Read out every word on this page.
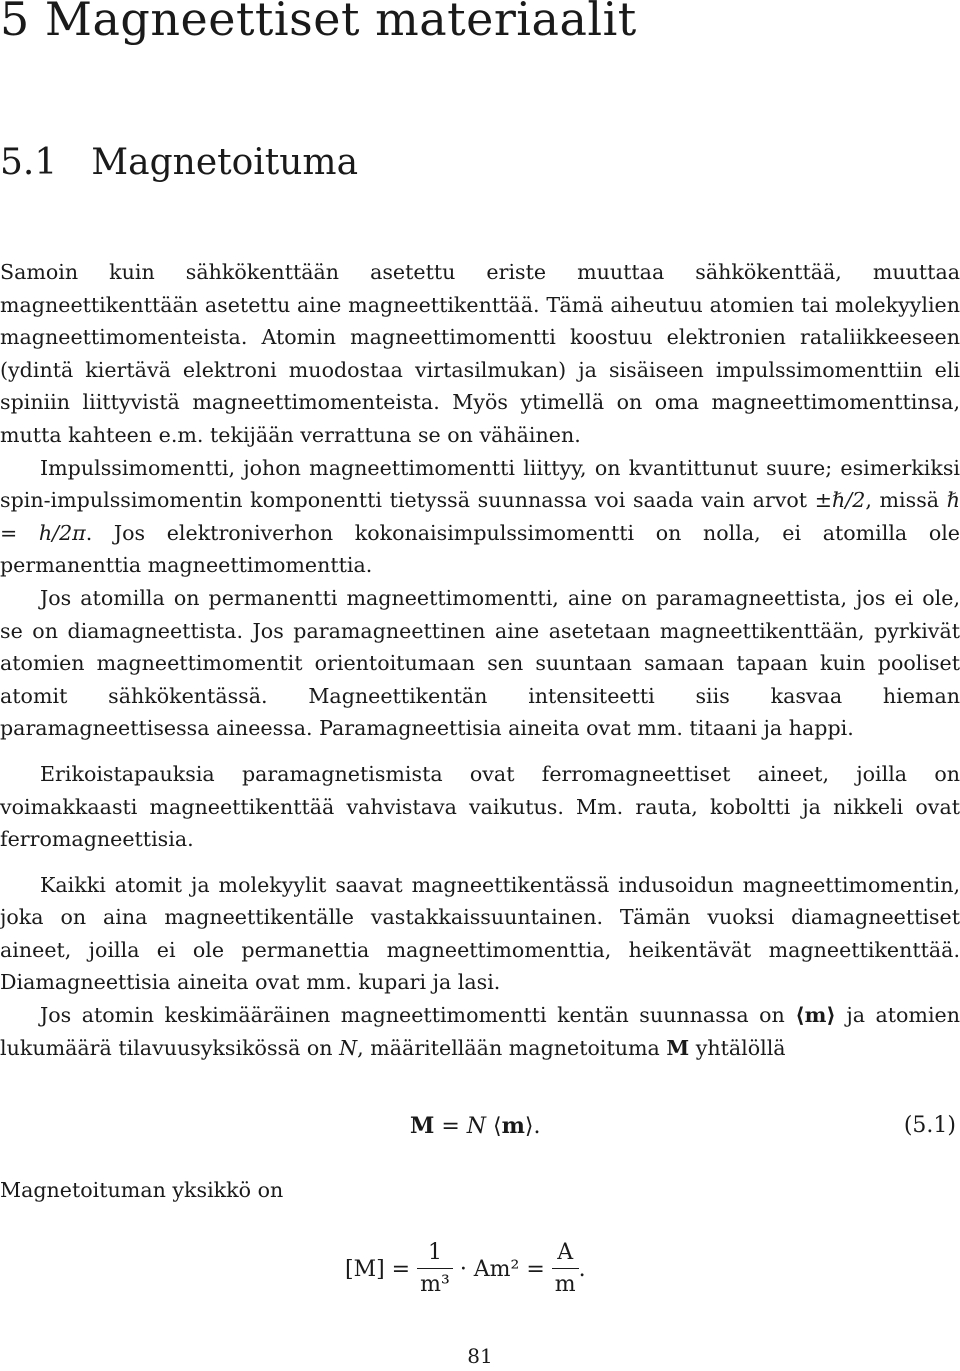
5 Magneettiset materiaalit
5.1 Magnetoituma

Samoin kuin sähkökenttään asetettu eriste muuttaa sähkökenttää, muuttaa magneettikenttään asetettu aine magneettikenttää. Tämä aiheutuu atomien tai molekyylien magneettimomenteista. Atomin magneettimomentti koostuu elektronien rataliikkeeseen (ydintä kiertävä elektroni muodostaa virtasilmukan) ja sisäiseen impulssimomenttiin eli spiniin liittyvistä magneettimomenteista. Myös ytimellä on oma magneettimomenttinsa, mutta kahteen e.m. tekijään verrattuna se on vähäinen.

Impulssimomentti, johon magneettimomentti liittyy, on kvantittunut suure; esimerkiksi spin-impulssimomentin komponentti tietyssä suunnassa voi saada vain arvot ±ℏ/2, missä ℏ = h/2π. Jos elektroniverhon kokonaisimpulssimomentti on nolla, ei atomilla ole permanenttia magneettimomenttia.

Jos atomilla on permanentti magneettimomentti, aine on paramagneettista, jos ei ole, se on diamagneettista. Jos paramagneettinen aine asetetaan magneettikenttään, pyrkivät atomien magneettimomentit orientoitumaan sen suuntaan samaan tapaan kuin pooliset atomit sähkökentässä. Magneettikentän intensiteetti siis kasvaa hieman paramagneettisessa aineessa. Paramagneettisia aineita ovat mm. titaani ja happi.

Erikoistapauksia paramagnetismista ovat ferromagneettiset aineet, joilla on voimakkaasti magneettikenttää vahvistava vaikutus. Mm. rauta, koboltti ja nikkeli ovat ferromagneettisia.

Kaikki atomit ja molekyylit saavat magneettikentässä indusoidun magneettimomentin, joka on aina magneettikentälle vastakkaissuuntainen. Tämän vuoksi diamagneettiset aineet, joilla ei ole permanettia magneettimomenttia, heikentävät magneettikenttää. Diamagneettisia aineita ovat mm. kupari ja lasi.

Jos atomin keskimääräinen magneettimomentti kentän suunnassa on ⟨m⟩ ja atomien lukumäärä tilavuusyksikössä on N, määritellään magnetoituma M yhtälöllä

M = N ⟨m⟩.	(5.1)
Magnetoituman yksikkö on
$[M] = \frac{1}{\text{m³}} \cdot Am^2 = \frac{A}{m}$ .
81
